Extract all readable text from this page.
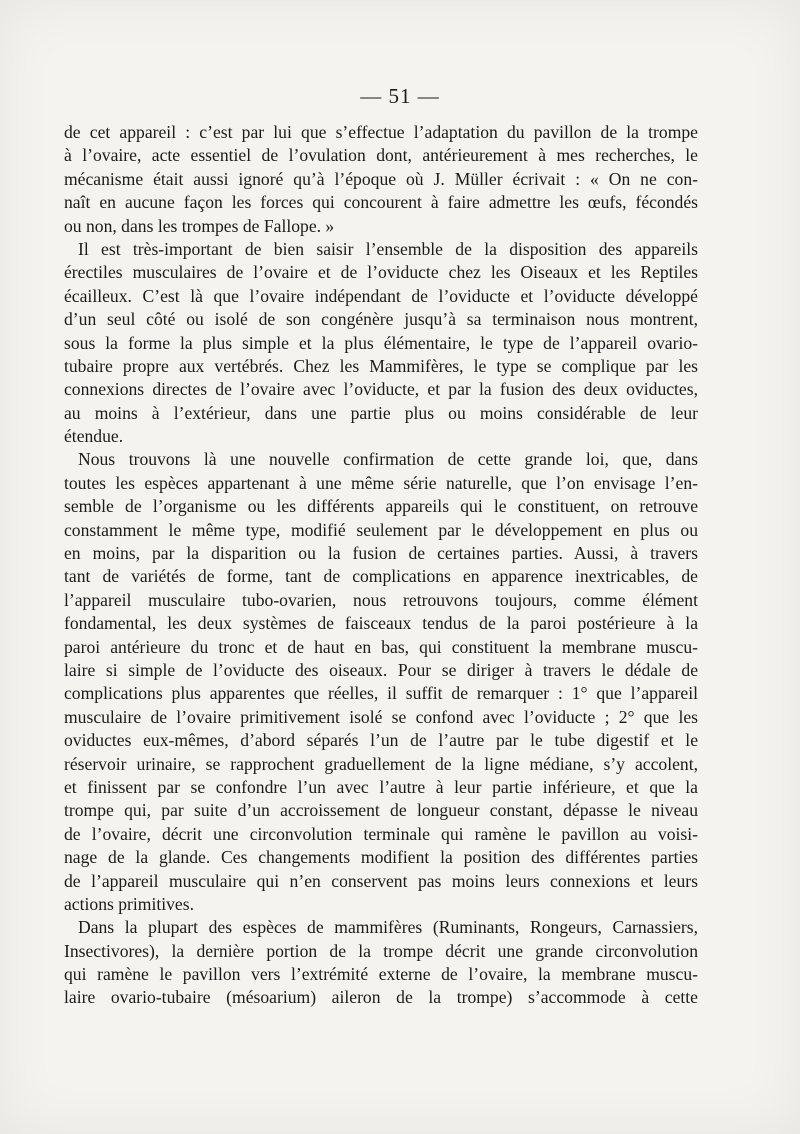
— 51 —

de cet appareil : c’est par lui que s’effectue l’adaptation du pavillon de la trompe
à l’ovaire, acte essentiel de l’ovulation dont, antérieurement à mes recherches, le
mécanisme était aussi ignoré qu’à l’époque où J. Müller écrivait : « On ne con-
naît en aucune façon les forces qui concourent à faire admettre les œufs, fécondés
ou non, dans les trompes de Fallope. »

Il est très-important de bien saisir l’ensemble de la disposition des appareils
érectiles musculaires de l’ovaire et de l’oviducte chez les Oiseaux et les Reptiles
écailleux. C’est là que l’ovaire indépendant de l’oviducte et l’oviducte développé
d’un seul côté ou isolé de son congénère jusqu’à sa terminaison nous montrent,
sous la forme la plus simple et la plus élémentaire, le type de l’appareil ovario-
tubaire propre aux vertébrés. Chez les Mammifères, le type se complique par les
connexions directes de l’ovaire avec l’oviducte, et par la fusion des deux oviductes,
au moins à l’extérieur, dans une partie plus ou moins considérable de leur
étendue.

Nous trouvons là une nouvelle confirmation de cette grande loi, que, dans
toutes les espèces appartenant à une même série naturelle, que l’on envisage l’en-
semble de l’organisme ou les différents appareils qui le constituent, on retrouve
constamment le même type, modifié seulement par le développement en plus ou
en moins, par la disparition ou la fusion de certaines parties. Aussi, à travers
tant de variétés de forme, tant de complications en apparence inextricables, de
l’appareil musculaire tubo-ovarien, nous retrouvons toujours, comme élément
fondamental, les deux systèmes de faisceaux tendus de la paroi postérieure à la
paroi antérieure du tronc et de haut en bas, qui constituent la membrane muscu-
laire si simple de l’oviducte des oiseaux. Pour se diriger à travers le dédale de
complications plus apparentes que réelles, il suffit de remarquer : 1° que l’appareil
musculaire de l’ovaire primitivement isolé se confond avec l’oviducte ; 2° que les
oviductes eux-mêmes, d’abord séparés l’un de l’autre par le tube digestif et le
réservoir urinaire, se rapprochent graduellement de la ligne médiane, s’y accolent,
et finissent par se confondre l’un avec l’autre à leur partie inférieure, et que la
trompe qui, par suite d’un accroissement de longueur constant, dépasse le niveau
de l’ovaire, décrit une circonvolution terminale qui ramène le pavillon au voisi-
nage de la glande. Ces changements modifient la position des différentes parties
de l’appareil musculaire qui n’en conservent pas moins leurs connexions et leurs
actions primitives.

Dans la plupart des espèces de mammifères (Ruminants, Rongeurs, Carnassiers,
Insectivores), la dernière portion de la trompe décrit une grande circonvolution
qui ramène le pavillon vers l’extrémité externe de l’ovaire, la membrane muscu-
laire ovario-tubaire (mésoarium) aileron de la trompe) s’accommode à cette
